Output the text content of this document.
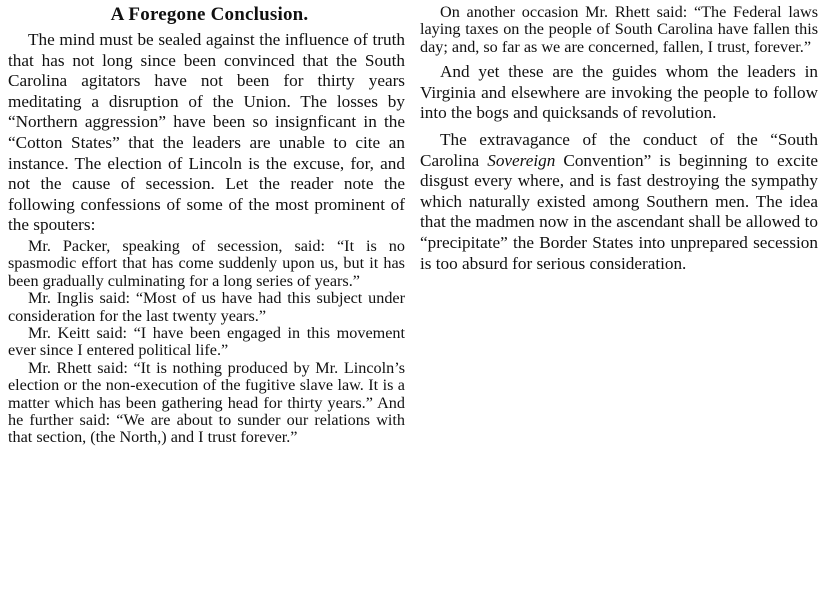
A Foregone Conclusion.

The mind must be sealed against the influence of truth that has not long since been convinced that the South Carolina agitators have not been for thirty years meditating a disruption of the Union. The losses by “Northern aggression” have been so insignficant in the “Cotton States” that the leaders are unable to cite an instance. The election of Lincoln is the excuse, for, and not the cause of secession. Let the reader note the following confessions of some of the most prominent of the spouters:

Mr. Packer, speaking of secession, said: “It is no spasmodic effort that has come suddenly upon us, but it has been gradually culminating for a long series of years.”

Mr. Inglis said: “Most of us have had this subject under consideration for the last twenty years.”

Mr. Keitt said: “I have been engaged in this movement ever since I entered political life.”

Mr. Rhett said: “It is nothing produced by Mr. Lincoln’s election or the non-execution of the fugitive slave law. It is a matter which has been gathering head for thirty years.” And he further said: “We are about to sunder our relations with that section, (the North,) and I trust forever.”

On another occasion Mr. Rhett said: “The Federal laws laying taxes on the people of South Carolina have fallen this day; and, so far as we are concerned, fallen, I trust, forever.”

And yet these are the guides whom the leaders in Virginia and elsewhere are invoking the people to follow into the bogs and quicksands of revolution.

The extravagance of the conduct of the “South Carolina Sovereign Convention” is beginning to excite disgust every where, and is fast destroying the sympathy which naturally existed among Southern men. The idea that the madmen now in the ascendant shall be allowed to “precipitate” the Border States into unprepared secession is too absurd for serious consideration.
